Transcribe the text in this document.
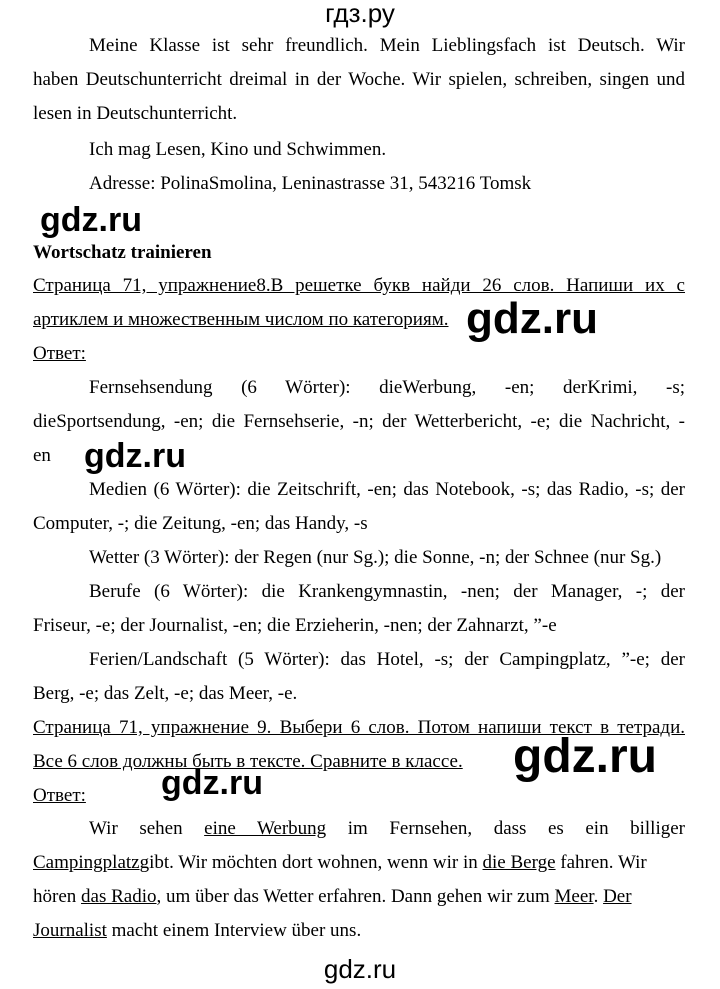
гдз.ру
Meine Klasse ist sehr freundlich. Mein Lieblingsfach ist Deutsch. Wir
haben Deutschunterricht dreimal in der Woche. Wir spielen, schreiben, singen und
lesen in Deutschunterricht.
Ich mag Lesen, Kino und Schwimmen.
Adresse: PolinaSmolina, Leninastrasse 31, 543216 Tomsk
gdz.ru
Wortschatz trainieren
Страница 71, упражнение8.В решетке букв найди 26 слов. Напиши их с
артиклем и множественным числом по категориям. gdz.ru
Ответ:
Fernsehsendung (6 Wörter): dieWerbung, -en; derKrimi, -s;
dieSportsendung, -en; die Fernsehserie, -n; der Wetterbericht, -e; die Nachricht, -
en gdz.ru
Medien (6 Wörter): die Zeitschrift, -en; das Notebook, -s; das Radio, -s; der
Computer, -; die Zeitung, -en; das Handy, -s
Wetter (3 Wörter): der Regen (nur Sg.); die Sonne, -n; der Schnee (nur Sg.)
Berufe (6 Wörter): die Krankengymnastin, -nen; der Manager, -; der
Friseur, -e; der Journalist, -en; die Erzieherin, -nen; der Zahnarzt, ”-e
Ferien/Landschaft (5 Wörter): das Hotel, -s; der Campingplatz, ”-e; der
Berg, -e; das Zelt, -e; das Meer, -e.
Страница 71, упражнение 9. Выбери 6 слов. Потом напиши текст в тетради.
Все 6 слов должны быть в тексте. Сравните в классе.	gdz.ru
Ответ:	gdz.ru
Wir sehen eine Werbung im Fernsehen, dass es ein billiger
Campingplatzgibt. Wir möchten dort wohnen, wenn wir in die Berge fahren. Wir
hören das Radio, um über das Wetter erfahren. Dann gehen wir zum Meer. Der
Journalist macht einem Interview über uns.
gdz.ru
